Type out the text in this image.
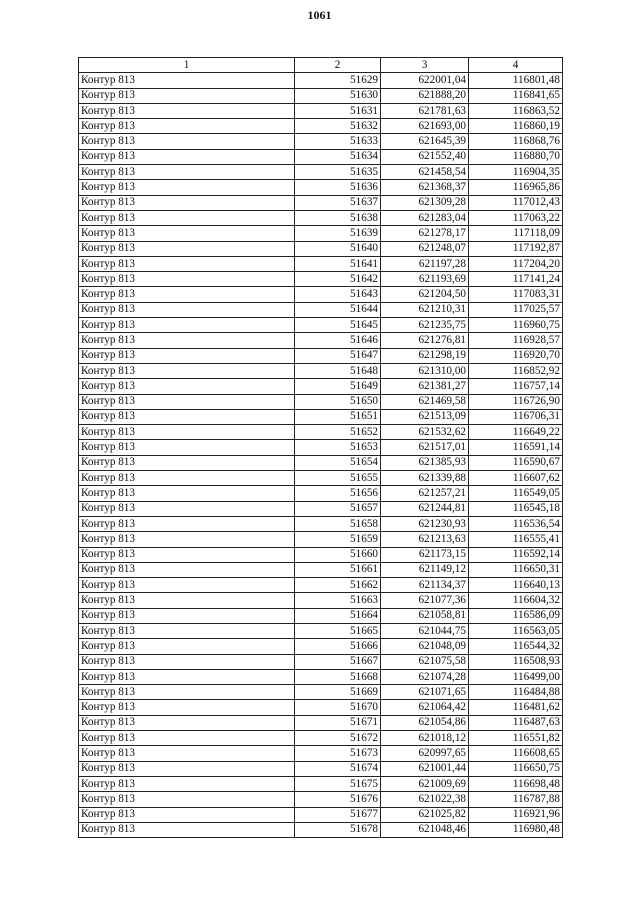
1061
1	2	3	4
Контур 813	51629	622001,04	116801,48
Контур 813	51630	621888,20	116841,65
Контур 813	51631	621781,63	116863,52
Контур 813	51632	621693,00	116860,19
Контур 813	51633	621645,39	116868,76
Контур 813	51634	621552,40	116880,70
Контур 813	51635	621458,54	116904,35
Контур 813	51636	621368,37	116965,86
Контур 813	51637	621309,28	117012,43
Контур 813	51638	621283,04	117063,22
Контур 813	51639	621278,17	117118,09
Контур 813	51640	621248,07	117192,87
Контур 813	51641	621197,28	117204,20
Контур 813	51642	621193,69	117141,24
Контур 813	51643	621204,50	117083,31
Контур 813	51644	621210,31	117025,57
Контур 813	51645	621235,75	116960,75
Контур 813	51646	621276,81	116928,57
Контур 813	51647	621298,19	116920,70
Контур 813	51648	621310,00	116852,92
Контур 813	51649	621381,27	116757,14
Контур 813	51650	621469,58	116726,90
Контур 813	51651	621513,09	116706,31
Контур 813	51652	621532,62	116649,22
Контур 813	51653	621517,01	116591,14
Контур 813	51654	621385,93	116590,67
Контур 813	51655	621339,88	116607,62
Контур 813	51656	621257,21	116549,05
Контур 813	51657	621244,81	116545,18
Контур 813	51658	621230,93	116536,54
Контур 813	51659	621213,63	116555,41
Контур 813	51660	621173,15	116592,14
Контур 813	51661	621149,12	116650,31
Контур 813	51662	621134,37	116640,13
Контур 813	51663	621077,36	116604,32
Контур 813	51664	621058,81	116586,09
Контур 813	51665	621044,75	116563,05
Контур 813	51666	621048,09	116544,32
Контур 813	51667	621075,58	116508,93
Контур 813	51668	621074,28	116499,00
Контур 813	51669	621071,65	116484,88
Контур 813	51670	621064,42	116481,62
Контур 813	51671	621054,86	116487,63
Контур 813	51672	621018,12	116551,82
Контур 813	51673	620997,65	116608,65
Контур 813	51674	621001,44	116650,75
Контур 813	51675	621009,69	116698,48
Контур 813	51676	621022,38	116787,88
Контур 813	51677	621025,82	116921,96
Контур 813	51678	621048,46	116980,48
